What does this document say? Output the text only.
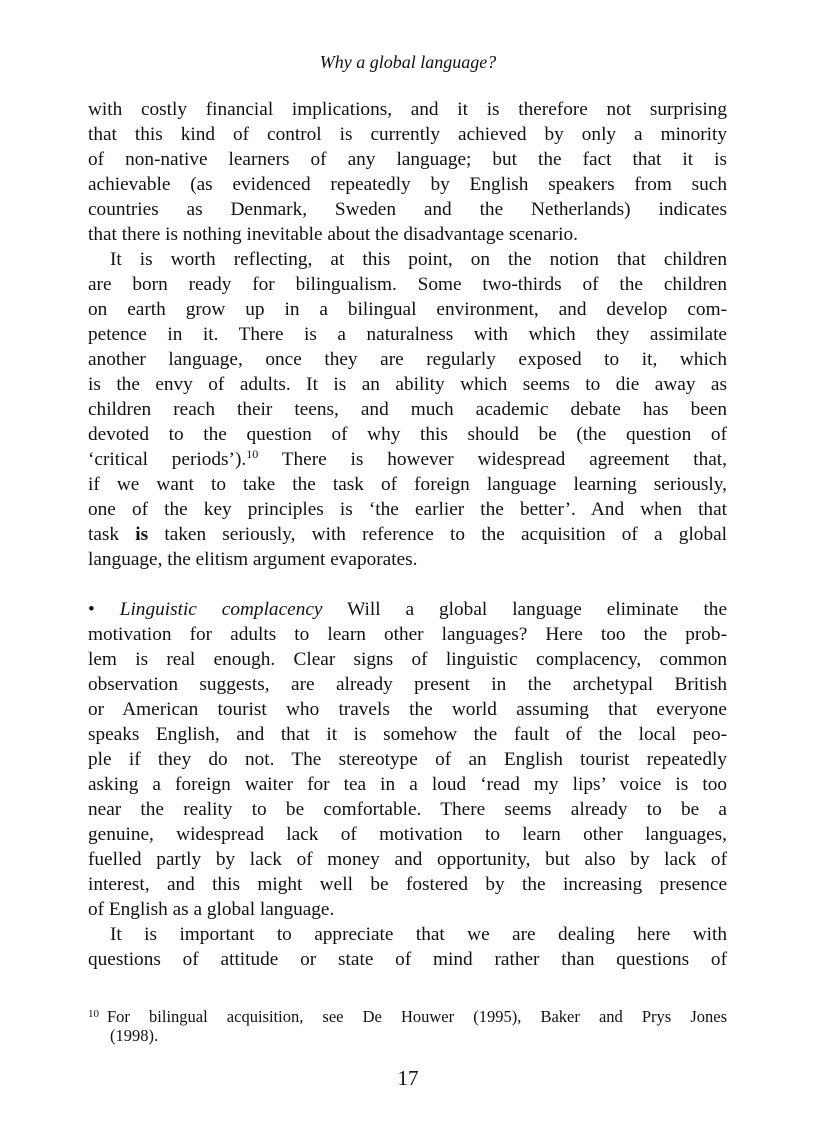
Why a global language?
with costly financial implications, and it is therefore not surprising
that this kind of control is currently achieved by only a minority
of non-native learners of any language; but the fact that it is
achievable (as evidenced repeatedly by English speakers from such
countries as Denmark, Sweden and the Netherlands) indicates
that there is nothing inevitable about the disadvantage scenario.
It is worth reflecting, at this point, on the notion that children
are born ready for bilingualism. Some two-thirds of the children
on earth grow up in a bilingual environment, and develop com-
petence in it. There is a naturalness with which they assimilate
another language, once they are regularly exposed to it, which
is the envy of adults. It is an ability which seems to die away as
children reach their teens, and much academic debate has been
devoted to the question of why this should be (the question of
‘critical periods’).$^{10}$ There is however widespread agreement that,
if we want to take the task of foreign language learning seriously,
one of the key principles is ‘the earlier the better’. And when that
task is taken seriously, with reference to the acquisition of a global
language, the elitism argument evaporates.
• Linguistic complacency Will a global language eliminate the
motivation for adults to learn other languages? Here too the prob-
lem is real enough. Clear signs of linguistic complacency, common
observation suggests, are already present in the archetypal British
or American tourist who travels the world assuming that everyone
speaks English, and that it is somehow the fault of the local peo-
ple if they do not. The stereotype of an English tourist repeatedly
asking a foreign waiter for tea in a loud ‘read my lips’ voice is too
near the reality to be comfortable. There seems already to be a
genuine, widespread lack of motivation to learn other languages,
fuelled partly by lack of money and opportunity, but also by lack of
interest, and this might well be fostered by the increasing presence
of English as a global language.
It is important to appreciate that we are dealing here with
questions of attitude or state of mind rather than questions of
$^{10}$ For bilingual acquisition, see De Houwer (1995), Baker and Prys Jones
(1998).
17
